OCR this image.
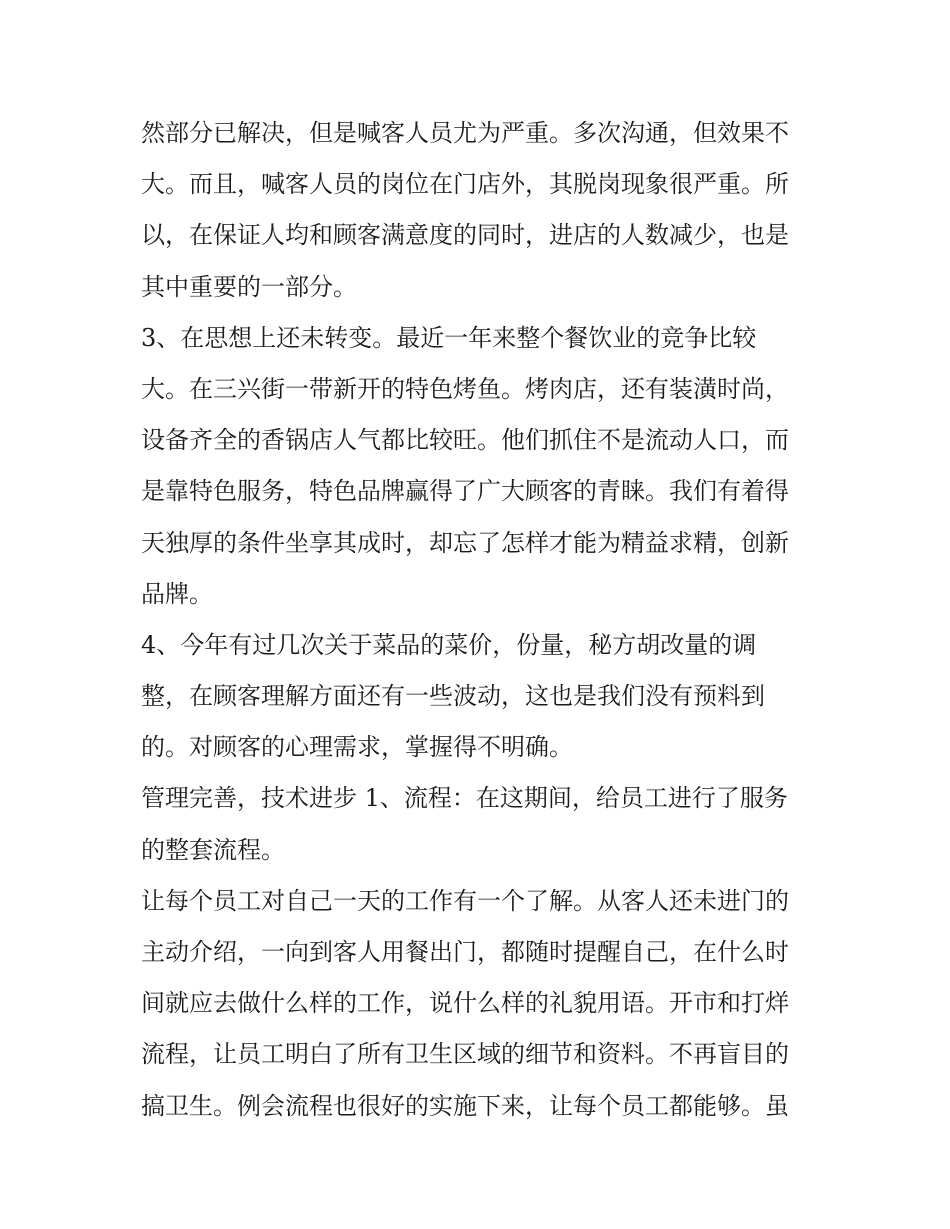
然部分已解决，但是喊客人员尤为严重。多次沟通，但效果不
大。而且，喊客人员的岗位在门店外，其脱岗现象很严重。所
以，在保证人均和顾客满意度的同时，进店的人数减少，也是
其中重要的一部分。
3、在思想上还未转变。最近一年来整个餐饮业的竞争比较
大。在三兴街一带新开的特色烤鱼。烤肉店，还有装潢时尚，
设备齐全的香锅店人气都比较旺。他们抓住不是流动人口，而
是靠特色服务，特色品牌赢得了广大顾客的青睐。我们有着得
天独厚的条件坐享其成时，却忘了怎样才能为精益求精，创新
品牌。
4、今年有过几次关于菜品的菜价，份量，秘方胡改量的调
整，在顾客理解方面还有一些波动，这也是我们没有预料到
的。对顾客的心理需求，掌握得不明确。
管理完善，技术进步 1、流程：在这期间，给员工进行了服务
的整套流程。
让每个员工对自己一天的工作有一个了解。从客人还未进门的
主动介绍，一向到客人用餐出门，都随时提醒自己，在什么时
间就应去做什么样的工作，说什么样的礼貌用语。开市和打烊
流程，让员工明白了所有卫生区域的细节和资料。不再盲目的
搞卫生。例会流程也很好的实施下来，让每个员工都能够。虽
